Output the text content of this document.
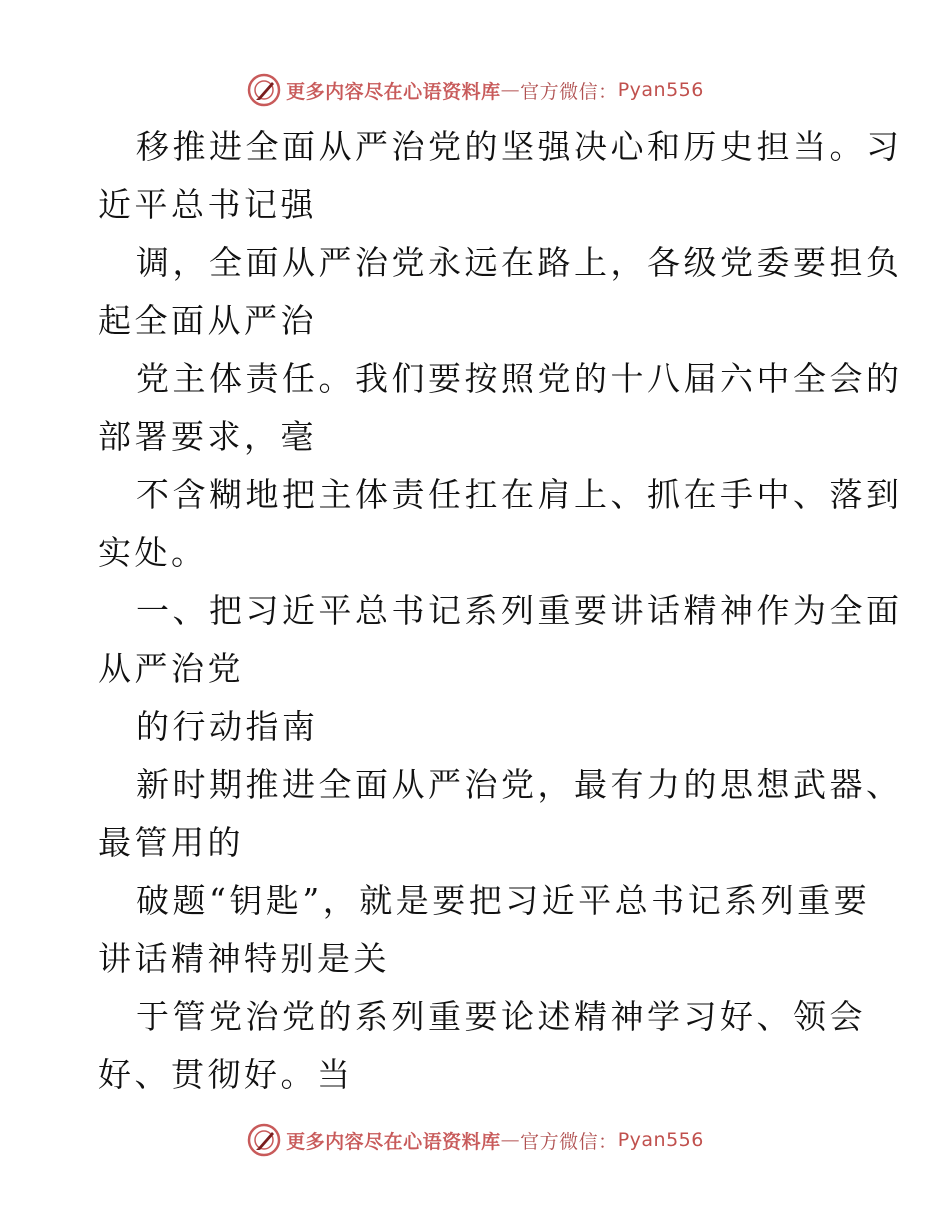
更多内容尽在心语资料库 — 官方微信： Pyan556
移推进全面从严治党的坚强决心和历史担当。习
近平总书记强
调，全面从严治党永远在路上，各级党委要担负
起全面从严治
党主体责任。我们要按照党的十八届六中全会的
部署要求，毫
不含糊地把主体责任扛在肩上、抓在手中、落到
实处。
一、把习近平总书记系列重要讲话精神作为全面
从严治党
的行动指南
新时期推进全面从严治党，最有力的思想武器、
最管用的
破题“钥匙”，就是要把习近平总书记系列重要
讲话精神特别是关
于管党治党的系列重要论述精神学习好、领会
好、贯彻好。当
更多内容尽在心语资料库 — 官方微信： Pyan556
